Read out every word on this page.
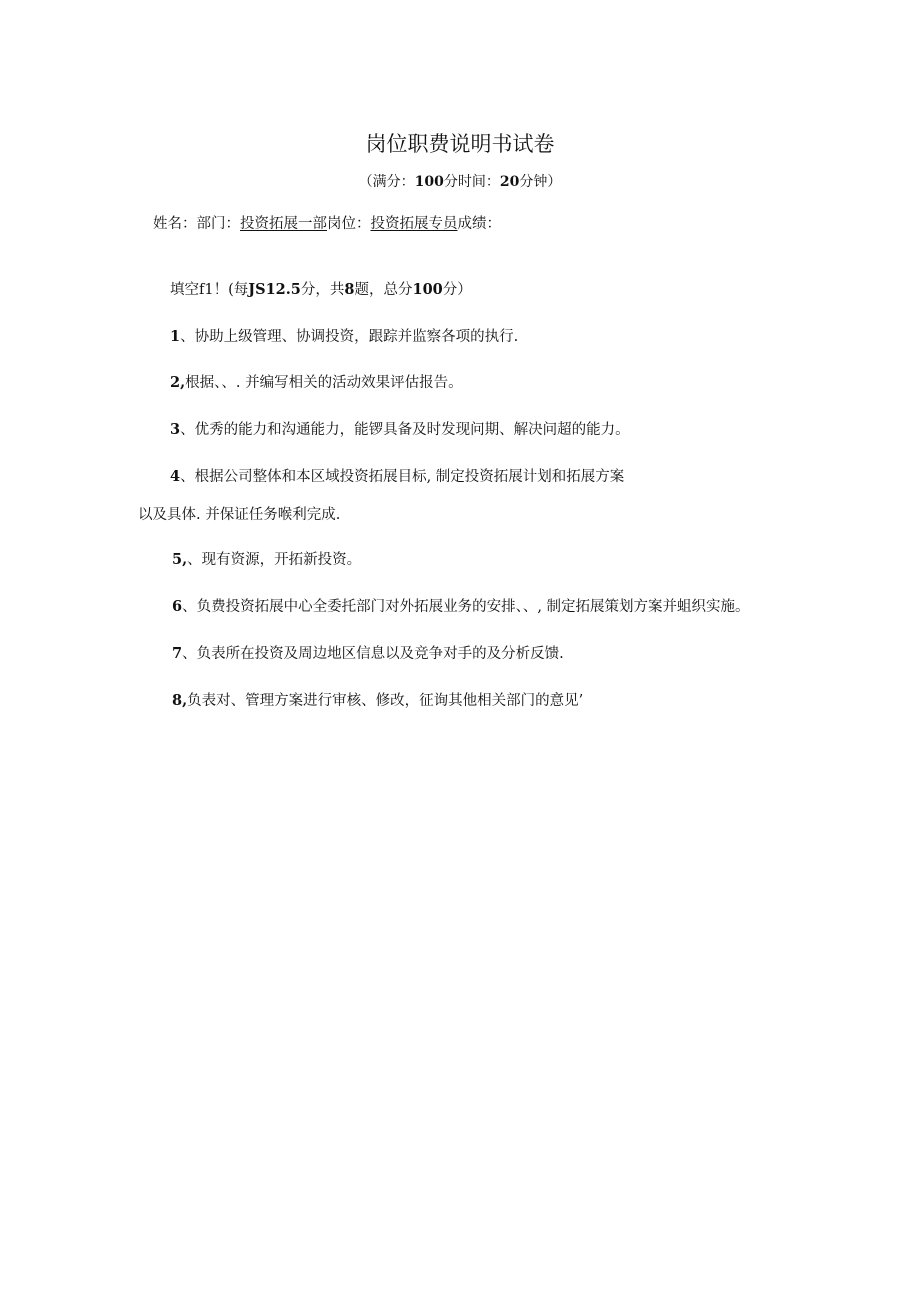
岗位职费说明书试卷
（满分：100分时间：20分钟）
姓名：部门：投资拓展一部岗位：投资拓展专员成绩：
填空f1！(每JS12.5分，共8题，总分100分）
1、协助上级管理、协调投资，跟踪并监察各项的执行.
2,根据、、. 并编写相关的活动效果评估报告。
3、优秀的能力和沟通能力，能锣具备及时发现问期、解决问超的能力。
4、根据公司整体和本区域投资拓展目标, 制定投资拓展计划和拓展方案
以及具体. 并保证任务喉利完成.
5,、现有资源，开拓新投资。
6、负费投资拓展中心全委托部门对外拓展业务的安排、、, 制定拓展策划方案并蛆织实施。
7、负表所在投资及周边地区信息以及竞争对手的及分析反馈.
8,负表对、管理方案进行审核、修改，征询其他相关部门的意见’
